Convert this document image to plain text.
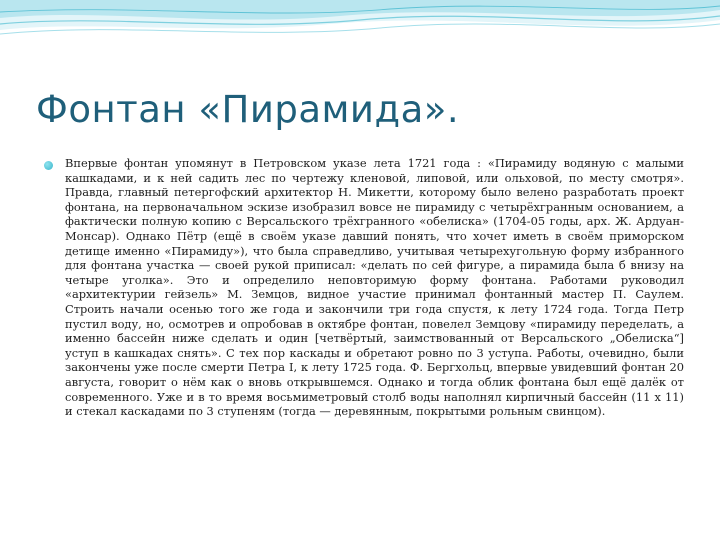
Фонтан «Пирамида».

Впервые фонтан упомянут в Петровском указе лета 1721 года : «Пирамиду водяную с малыми кашкадами, и к ней садить лес по чертежу кленовой, липовой, или ольховой, по месту смотря». Правда, главный петергофский архитектор Н. Микетти, которому было велено разработать проект фонтана, на первоначальном эскизе изобразил вовсе не пирамиду с четырёхгранным основанием, а фактически полную копию с Версальского трёхгранного «обелиска» (1704-05 годы, арх. Ж. Ардуан-Монсар). Однако Пётр (ещё в своём указе давший понять, что хочет иметь в своём приморском детище именно «Пирамиду»), что была справедливо, учитывая четырехугольную форму избранного для фонтана участка — своей рукой приписал: «делать по сей фигуре, а пирамида была б внизу на четыре уголка». Это и определило неповторимую форму фонтана. Работами руководил «архитектурии гейзель» М. Земцов, видное участие принимал фонтанный мастер П. Саулем. Строить начали осенью того же года и закончили три года спустя, к лету 1724 года. Тогда Петр пустил воду, но, осмотрев и опробовав в октябре фонтан, повелел Земцову «пирамиду переделать, а именно бассейн ниже сделать и один [четвёртый, заимствованный от Версальского „Обелиска“] уступ в кашкадах снять». С тех пор каскады и обретают ровно по 3 уступа. Работы, очевидно, были закончены уже после смерти Петра I, к лету 1725 года. Ф. Бергхольц, впервые увидевший фонтан 20 августа, говорит о нём как о вновь открывшемся. Однако и тогда облик фонтана был ещё далёк от современного. Уже и в то время восьмиметровый столб воды наполнял кирпичный бассейн (11 х 11) и стекал каскадами по 3 ступеням (тогда — деревянным, покрытыми рольным свинцом).
